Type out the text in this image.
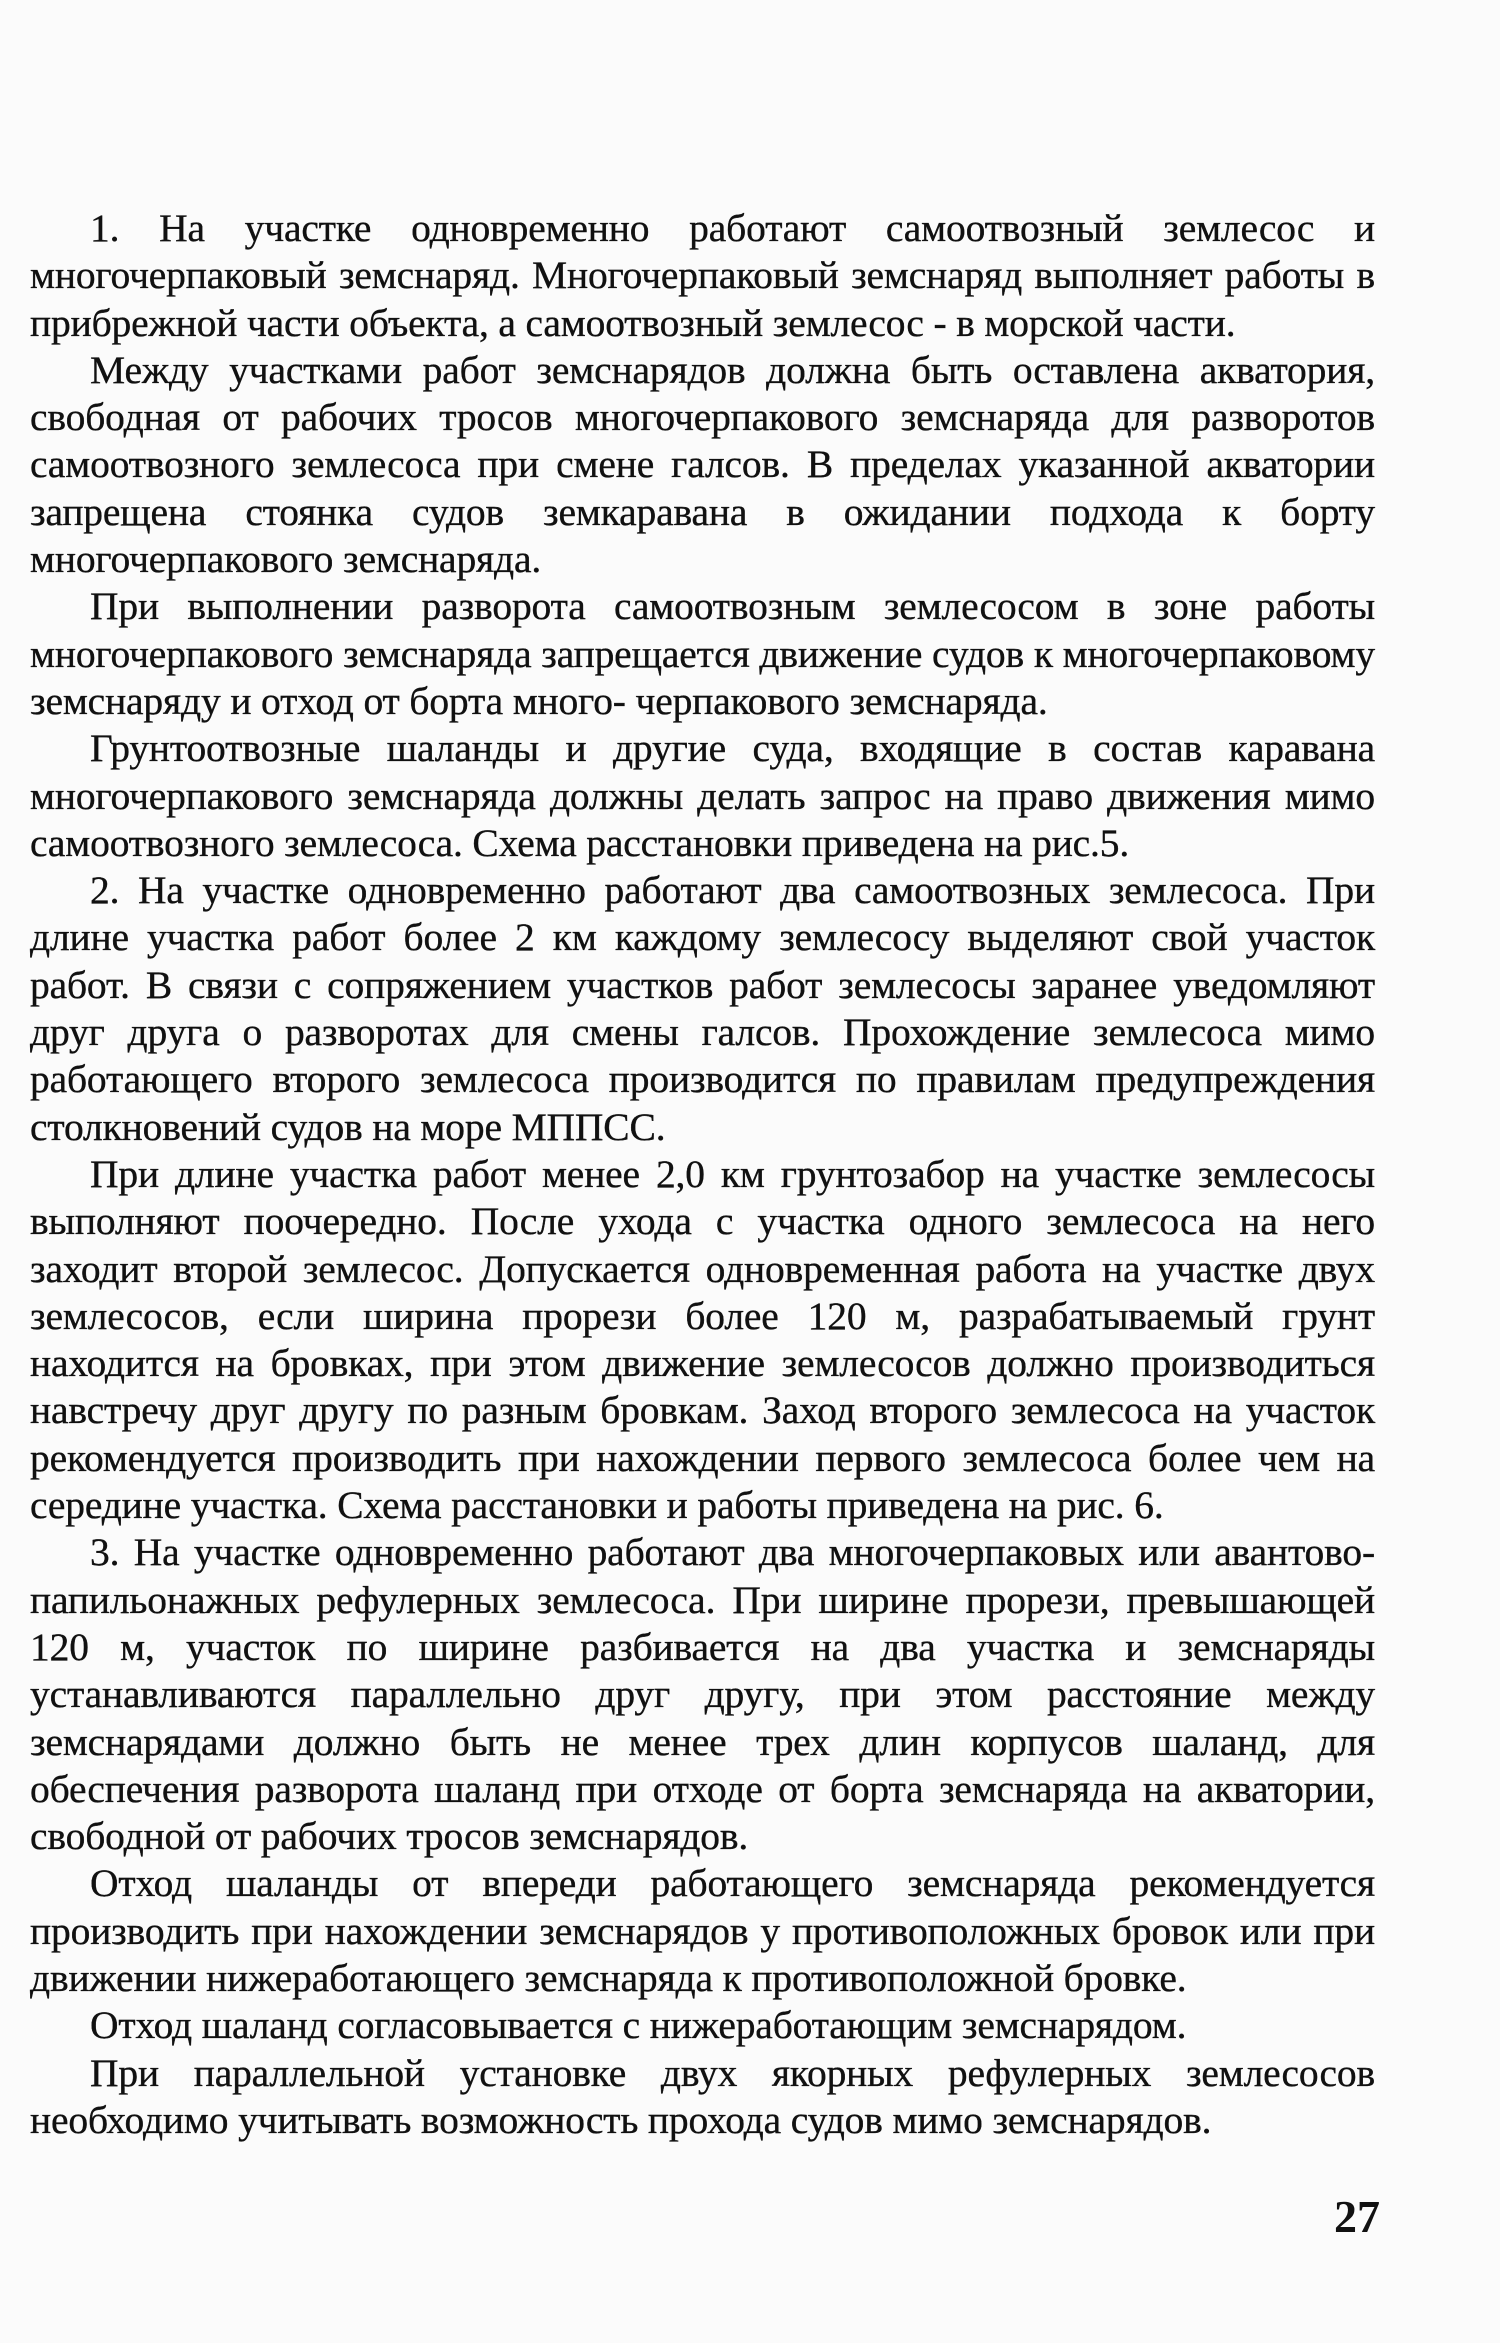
1. На участке одновременно работают самоотвозный землесос и многочерпаковый земснаряд. Многочерпаковый земснаряд выполняет работы в прибрежной части объекта, а самоотвозный землесос - в морской части.

Между участками работ земснарядов должна быть оставлена акватория, свободная от рабочих тросов многочерпакового земснаряда для разворотов самоотвозного землесоса при смене галсов. В пределах указанной акватории запрещена стоянка судов земкаравана в ожидании подхода к борту многочерпакового земснаряда.

При выполнении разворота самоотвозным землесосом в зоне работы многочерпакового земснаряда запрещается движение судов к многочерпаковому земснаряду и отход от борта много- черпакового земснаряда.

Грунтоотвозные шаланды и другие суда, входящие в состав каравана многочерпакового земснаряда должны делать запрос на право движения мимо самоотвозного землесоса. Схема расстановки приведена на рис.5.

2. На участке одновременно работают два самоотвозных землесоса. При длине участка работ более 2 км каждому землесосу выделяют свой участок работ. В связи с сопряжением участков работ землесосы заранее уведомляют друг друга о разворотах для смены галсов. Прохождение землесоса мимо работающего второго землесоса производится по правилам предупреждения столкновений судов на море МППСС.

При длине участка работ менее 2,0 км грунтозабор на участке землесосы выполняют поочередно. После ухода с участка одного землесоса на него заходит второй землесос. Допускается одновременная работа на участке двух землесосов, если ширина прорези более 120 м, разрабатываемый грунт находится на бровках, при этом движение землесосов должно производиться навстречу друг другу по разным бровкам. Заход второго землесоса на участок рекомендуется производить при нахождении первого землесоса более чем на середине участка. Схема расстановки и работы приведена на рис. 6.

3. На участке одновременно работают два многочерпаковых или авантово- папильонажных рефулерных землесоса. При ширине прорези, превышающей 120 м, участок по ширине разбивается на два участка и земснаряды устанавливаются параллельно друг другу, при этом расстояние между земснарядами должно быть не менее трех длин корпусов шаланд, для обеспечения разворота шаланд при отходе от борта земснаряда на акватории, свободной от рабочих тросов земснарядов.

Отход шаланды от впереди работающего земснаряда рекомендуется производить при нахождении земснарядов у противоположных бровок или при движении нижеработающего земснаряда к противоположной бровке.

Отход шаланд согласовывается с нижеработающим земснарядом.

При параллельной установке двух якорных рефулерных землесосов необходимо учитывать возможность прохода судов мимо земснарядов.

27
